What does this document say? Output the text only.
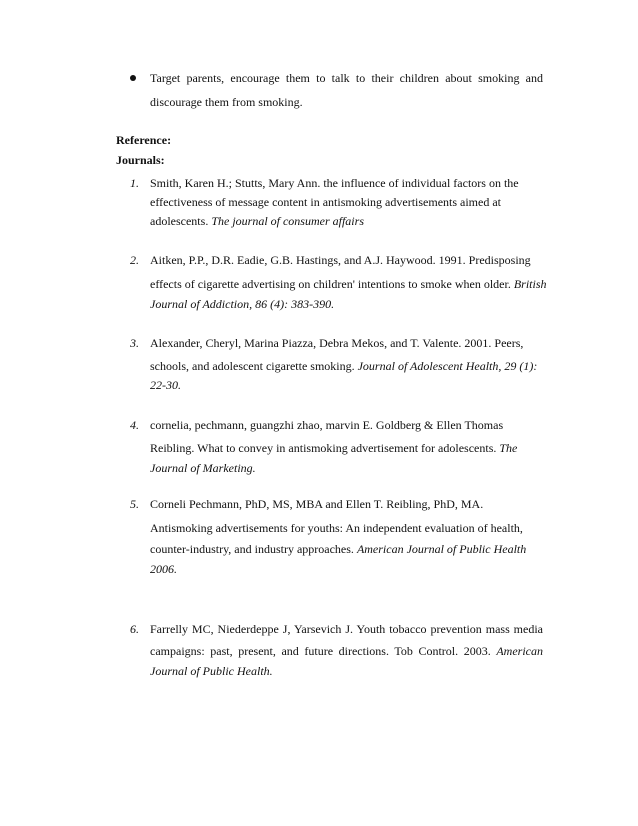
Target parents, encourage them to talk to their children about smoking and
discourage them from smoking.
Reference:
Journals:
1. Smith, Karen H.; Stutts, Mary Ann. the influence of individual factors on the
effectiveness of message content in antismoking advertisements aimed at
adolescents. The journal of consumer affairs
2. Aitken, P.P., D.R. Eadie, G.B. Hastings, and A.J. Haywood. 1991. Predisposing
effects of cigarette advertising on children' intentions to smoke when older. British
Journal of Addiction, 86 (4): 383-390.
3. Alexander, Cheryl, Marina Piazza, Debra Mekos, and T. Valente. 2001. Peers,
schools, and adolescent cigarette smoking. Journal of Adolescent Health, 29 (1):
22-30.
4. cornelia, pechmann, guangzhi zhao, marvin E. Goldberg & Ellen Thomas
Reibling. What to convey in antismoking advertisement for adolescents. The
Journal of Marketing.
5. Corneli Pechmann, PhD, MS, MBA and Ellen T. Reibling, PhD, MA.
Antismoking advertisements for youths: An independent evaluation of health,
counter-industry, and industry approaches. American Journal of Public Health
2006.
6. Farrelly MC, Niederdeppe J, Yarsevich J. Youth tobacco prevention mass media
campaigns: past, present, and future directions. Tob Control. 2003. American
Journal of Public Health.
